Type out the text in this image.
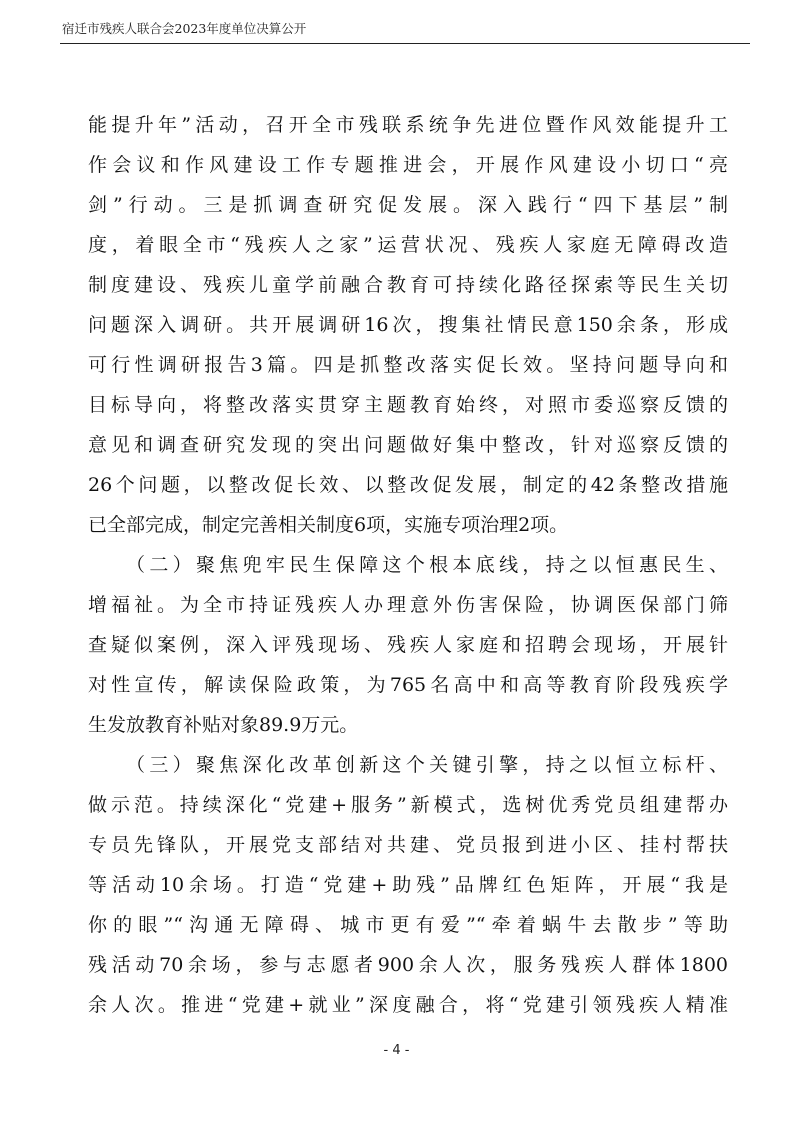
宿迁市残疾人联合会2023年度单位决算公开
能提升年”活动，召开全市残联系统争先进位暨作风效能提升工
作会议和作风建设工作专题推进会，开展作风建设小切口“亮
剑”行动。三是抓调查研究促发展。深入践行“四下基层”制
度，着眼全市“残疾人之家”运营状况、残疾人家庭无障碍改造
制度建设、残疾儿童学前融合教育可持续化路径探索等民生关切
问题深入调研。共开展调研16次，搜集社情民意150余条，形成
可行性调研报告3篇。四是抓整改落实促长效。坚持问题导向和
目标导向，将整改落实贯穿主题教育始终，对照市委巡察反馈的
意见和调查研究发现的突出问题做好集中整改，针对巡察反馈的
26个问题，以整改促长效、以整改促发展，制定的42条整改措施
已全部完成，制定完善相关制度6项，实施专项治理2项。
（二）聚焦兜牢民生保障这个根本底线，持之以恒惠民生、
增福祉。为全市持证残疾人办理意外伤害保险，协调医保部门筛
查疑似案例，深入评残现场、残疾人家庭和招聘会现场，开展针
对性宣传，解读保险政策，为765名高中和高等教育阶段残疾学
生发放教育补贴对象89.9万元。
（三）聚焦深化改革创新这个关键引擎，持之以恒立标杆、
做示范。持续深化“党建+服务”新模式，选树优秀党员组建帮办
专员先锋队，开展党支部结对共建、党员报到进小区、挂村帮扶
等活动10余场。打造“党建+助残”品牌红色矩阵，开展“我是
你的眼”“沟通无障碍、城市更有爱”“牵着蜗牛去散步”等助
残活动70余场，参与志愿者900余人次，服务残疾人群体1800
余人次。推进“党建+就业”深度融合，将“党建引领残疾人精准
- 4 -
